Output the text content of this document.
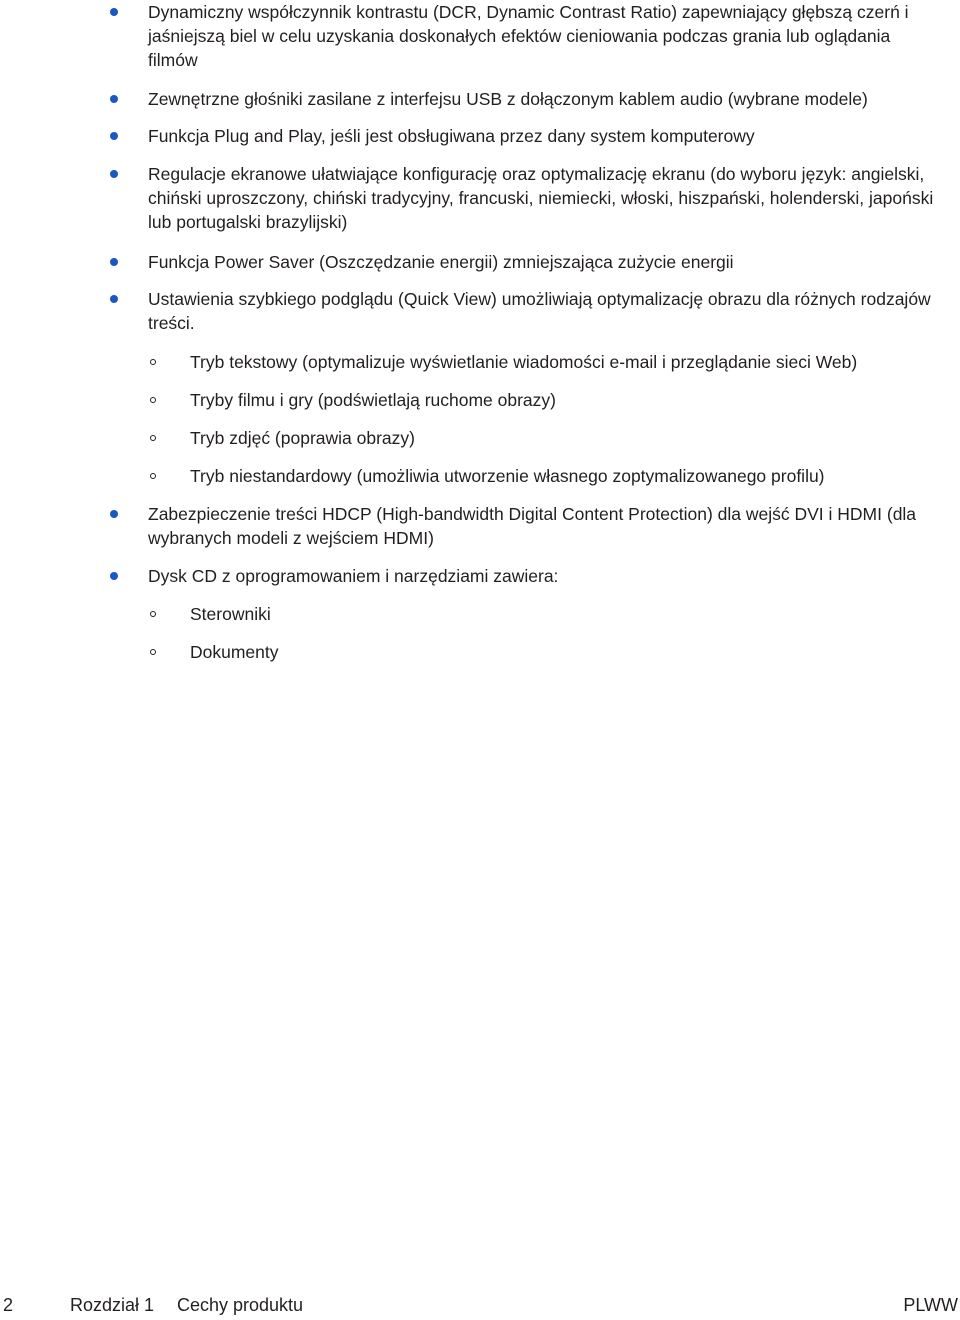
Dynamiczny współczynnik kontrastu (DCR, Dynamic Contrast Ratio) zapewniający głębszą czerń i jaśniejszą biel w celu uzyskania doskonałych efektów cieniowania podczas grania lub oglądania filmów
Zewnętrzne głośniki zasilane z interfejsu USB z dołączonym kablem audio (wybrane modele)
Funkcja Plug and Play, jeśli jest obsługiwana przez dany system komputerowy
Regulacje ekranowe ułatwiające konfigurację oraz optymalizację ekranu (do wyboru język: angielski, chiński uproszczony, chiński tradycyjny, francuski, niemiecki, włoski, hiszpański, holenderski, japoński lub portugalski brazylijski)
Funkcja Power Saver (Oszczędzanie energii) zmniejszająca zużycie energii
Ustawienia szybkiego podglądu (Quick View) umożliwiają optymalizację obrazu dla różnych rodzajów treści.
Tryb tekstowy (optymalizuje wyświetlanie wiadomości e-mail i przeglądanie sieci Web)
Tryby filmu i gry (podświetlają ruchome obrazy)
Tryb zdjęć (poprawia obrazy)
Tryb niestandardowy (umożliwia utworzenie własnego zoptymalizowanego profilu)
Zabezpieczenie treści HDCP (High-bandwidth Digital Content Protection) dla wejść DVI i HDMI (dla wybranych modeli z wejściem HDMI)
Dysk CD z oprogramowaniem i narzędziami zawiera:
Sterowniki
Dokumenty
2	Rozdział 1 Cechy produktu	PLWW
